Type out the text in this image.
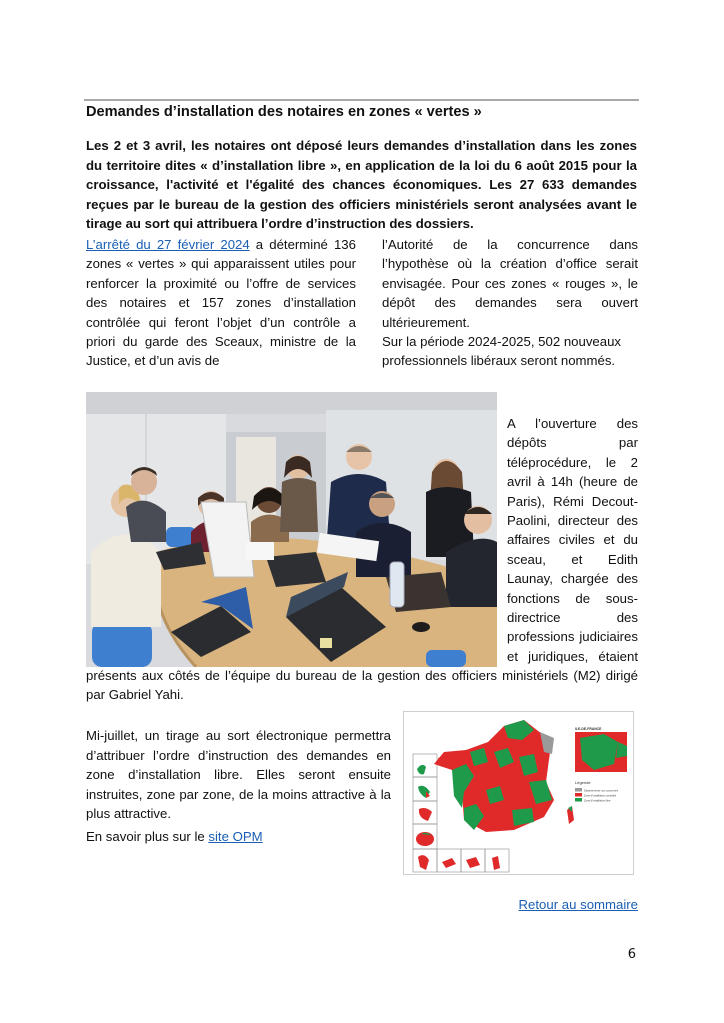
Demandes d’installation des notaires en zones « vertes »
Les 2 et 3 avril, les notaires ont déposé leurs demandes d’installation dans les zones du territoire dites « d’installation libre », en application de la loi du 6 août 2015 pour la croissance, l'activité et l'égalité des chances économiques. Les 27 633 demandes reçues par le bureau de la gestion des officiers ministériels seront analysées avant le tirage au sort qui attribuera l’ordre d’instruction des dossiers.
L’arrêté du 27 février 2024 a déterminé 136 zones « vertes » qui apparaissent utiles pour renforcer la proximité ou l’offre de services des notaires et 157 zones d’installation contrôlée qui feront l’objet d’un contrôle a priori du garde des Sceaux, ministre de la Justice, et d’un avis de
l’Autorité de la concurrence dans l’hypothèse où la création d’office serait envisagée. Pour ces zones « rouges », le dépôt des demandes sera ouvert ultérieurement.
Sur la période 2024-2025, 502 nouveaux professionnels libéraux seront nommés.
A l’ouverture des dépôts par téléprocédure, le 2 avril à 14h (heure de Paris), Rémi Decout-Paolini, directeur des affaires civiles et du sceau, et Edith Launay, chargée des fonctions de sous-directrice des professions judiciaires et juridiques, étaient
présents aux côtés de l’équipe du bureau de la gestion des officiers ministériels (M2) dirigé par Gabriel Yahi.
Mi-juillet, un tirage au sort électronique permettra d’attribuer l’ordre d’instruction des demandes en zone d’installation libre. Elles seront ensuite instruites, zone par zone, de la moins attractive à la plus attractive.
En savoir plus sur le site OPM
ILE-DE-FRANCE
Légende
Départements non concernés
Zone d'installation contrôlée
Zone d'installation libre
Retour au sommaire
6
